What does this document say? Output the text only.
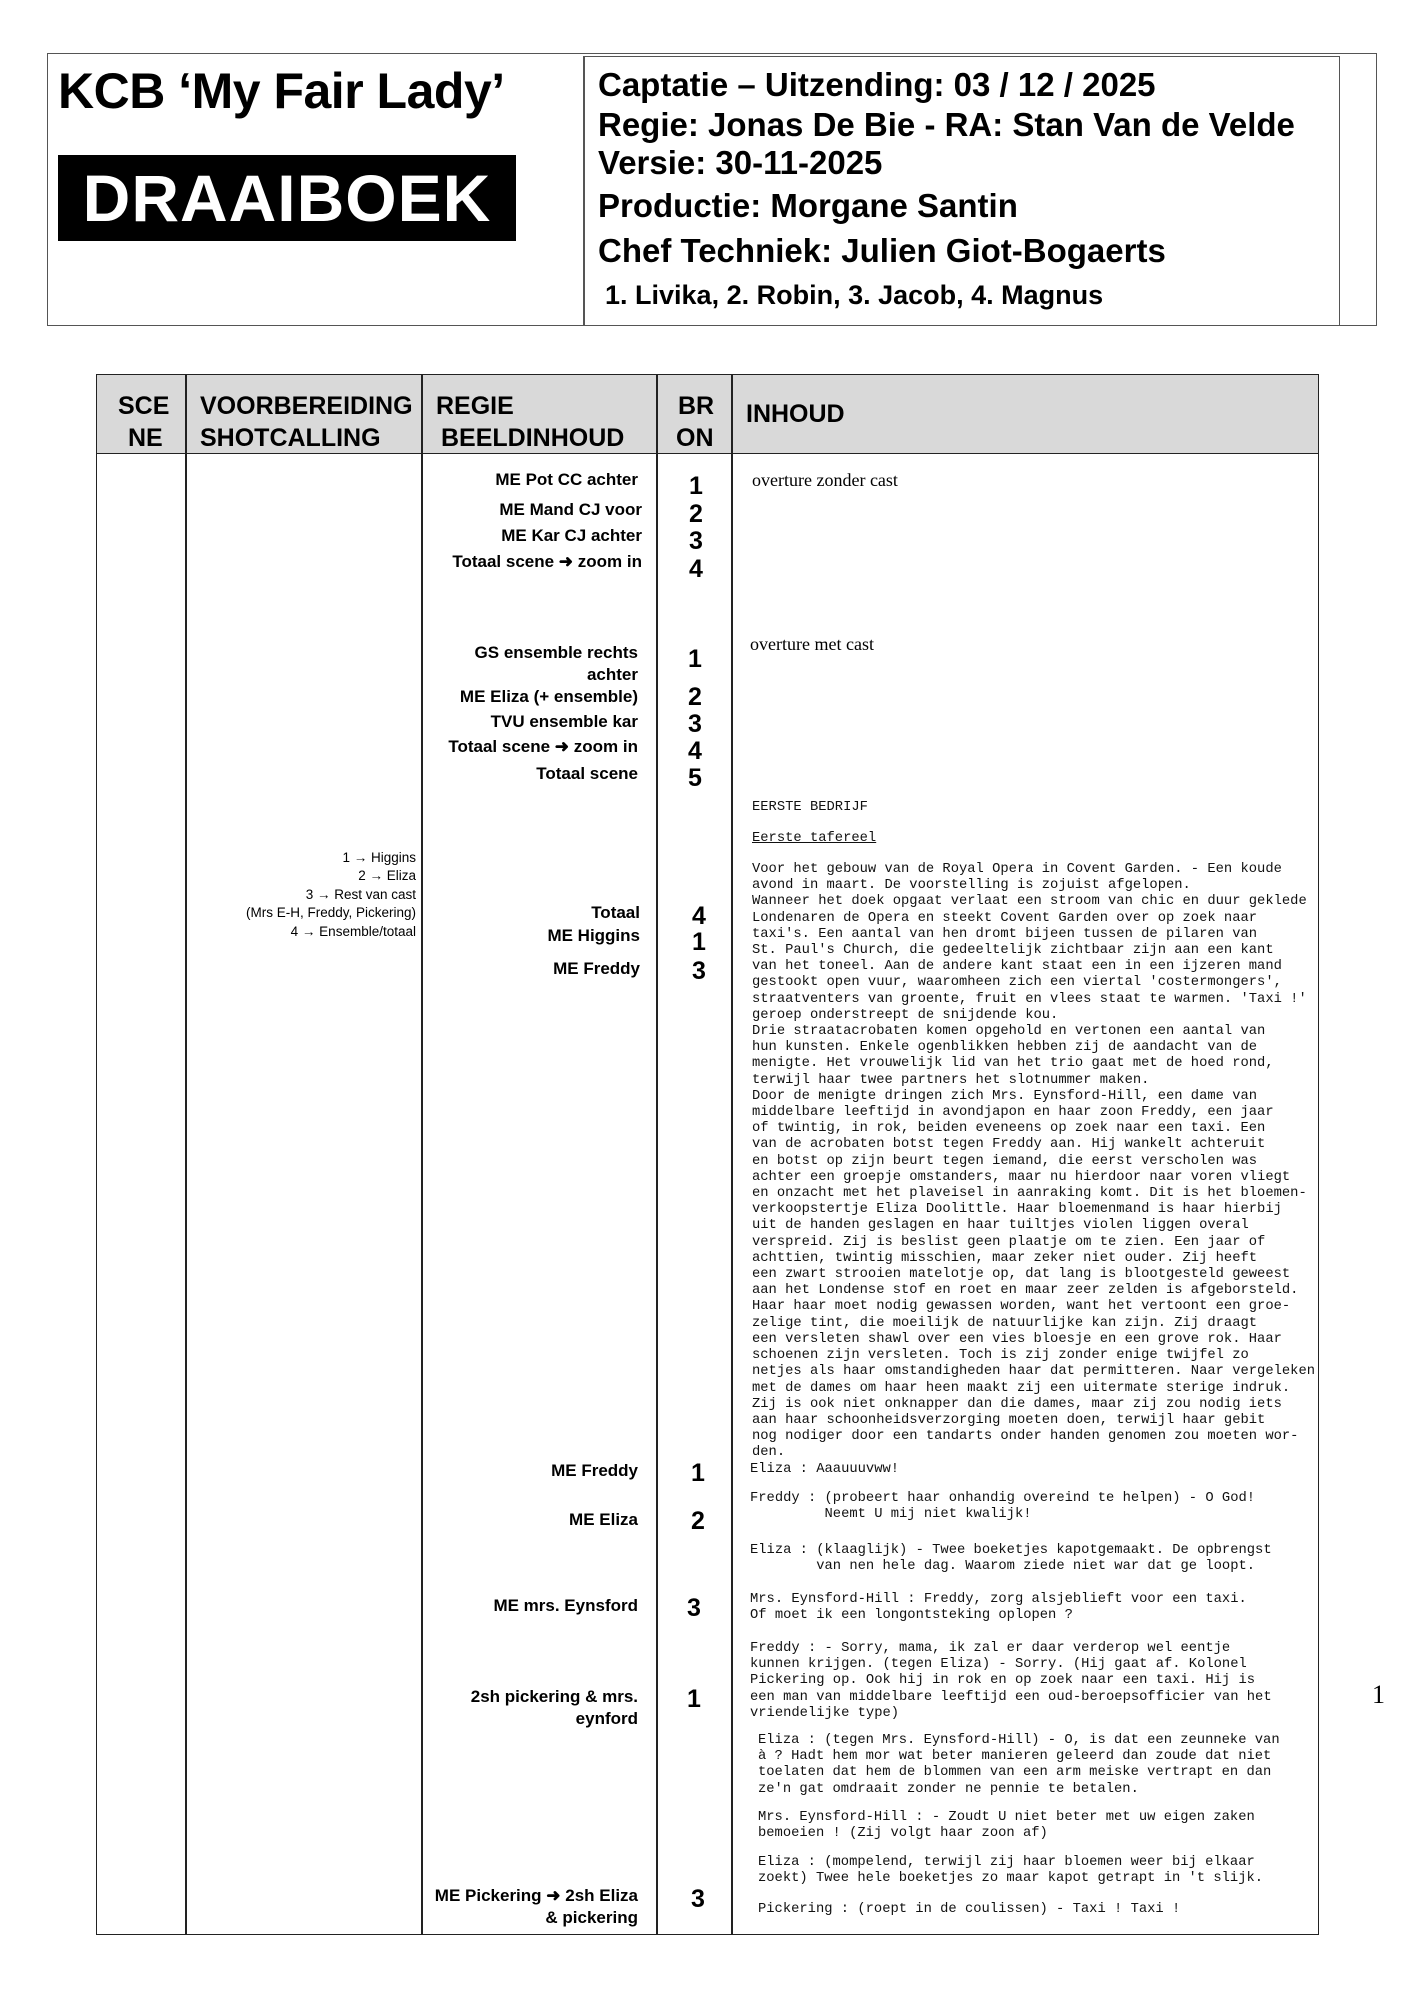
KCB ‘My Fair Lady’
DRAAIBOEK
Captatie – Uitzending: 03 / 12 / 2025
Regie: Jonas De Bie - RA: Stan Van de Velde
Versie: 30-11-2025
Productie: Morgane Santin
Chef Techniek: Julien Giot-Bogaerts
1. Livika, 2. Robin, 3. Jacob, 4. Magnus
SCE
NE
VOORBEREIDING
SHOTCALLING
REGIE
BEELDINHOUD
BR
ON
INHOUD
ME Pot CC achter
ME Mand CJ voor
ME Kar CJ achter
Totaal scene ➜ zoom in
1
2
3
4
overture zonder cast
GS ensemble rechts
achter
ME Eliza (+ ensemble)
TVU ensemble kar
Totaal scene ➜ zoom in
Totaal scene
1
2
3
4
5
overture met cast
1 → Higgins
2 → Eliza
3 → Rest van cast
(Mrs E-H, Freddy, Pickering)
4 → Ensemble/totaal
Totaal
ME Higgins
ME Freddy
4
1
3
EERSTE BEDRIJF
Eerste tafereel
Voor het gebouw van de Royal Opera in Covent Garden. - Een koude
avond in maart. De voorstelling is zojuist afgelopen.
Wanneer het doek opgaat verlaat een stroom van chic en duur geklede
Londenaren de Opera en steekt Covent Garden over op zoek naar
taxi's. Een aantal van hen dromt bijeen tussen de pilaren van
St. Paul's Church, die gedeeltelijk zichtbaar zijn aan een kant
van het toneel. Aan de andere kant staat een in een ijzeren mand
gestookt open vuur, waaromheen zich een viertal 'costermongers',
straatventers van groente, fruit en vlees staat te warmen. 'Taxi !'
geroep onderstreept de snijdende kou.
Drie straatacrobaten komen opgehold en vertonen een aantal van
hun kunsten. Enkele ogenblikken hebben zij de aandacht van de
menigte. Het vrouwelijk lid van het trio gaat met de hoed rond,
terwijl haar twee partners het slotnummer maken.
Door de menigte dringen zich Mrs. Eynsford-Hill, een dame van
middelbare leeftijd in avondjapon en haar zoon Freddy, een jaar
of twintig, in rok, beiden eveneens op zoek naar een taxi. Een
van de acrobaten botst tegen Freddy aan. Hij wankelt achteruit
en botst op zijn beurt tegen iemand, die eerst verscholen was
achter een groepje omstanders, maar nu hierdoor naar voren vliegt
en onzacht met het plaveisel in aanraking komt. Dit is het bloemen-
verkoopstertje Eliza Doolittle. Haar bloemenmand is haar hierbij
uit de handen geslagen en haar tuiltjes violen liggen overal
verspreid. Zij is beslist geen plaatje om te zien. Een jaar of
achttien, twintig misschien, maar zeker niet ouder. Zij heeft
een zwart strooien matelotje op, dat lang is blootgesteld geweest
aan het Londense stof en roet en maar zeer zelden is afgeborsteld.
Haar haar moet nodig gewassen worden, want het vertoont een groe-
zelige tint, die moeilijk de natuurlijke kan zijn. Zij draagt
een versleten shawl over een vies bloesje en een grove rok. Haar
schoenen zijn versleten. Toch is zij zonder enige twijfel zo
netjes als haar omstandigheden haar dat permitteren. Naar vergeleken
met de dames om haar heen maakt zij een uitermate sterige indruk.
Zij is ook niet onknapper dan die dames, maar zij zou nodig iets
aan haar schoonheidsverzorging moeten doen, terwijl haar gebit
nog nodiger door een tandarts onder handen genomen zou moeten wor-
den.
Eliza : Aaauuuvww!
Freddy : (probeert haar onhandig overeind te helpen) - O God!
Neemt U mij niet kwalijk!
Eliza : (klaaglijk) - Twee boeketjes kapotgemaakt. De opbrengst
van nen hele dag. Waarom ziede niet war dat ge loopt.
Mrs. Eynsford-Hill : Freddy, zorg alsjeblieft voor een taxi.
Of moet ik een longontsteking oplopen ?
Freddy : - Sorry, mama, ik zal er daar verderop wel eentje
kunnen krijgen. (tegen Eliza) - Sorry. (Hij gaat af. Kolonel
Pickering op. Ook hij in rok en op zoek naar een taxi. Hij is
een man van middelbare leeftijd een oud-beroepsofficier van het
vriendelijke type)
Eliza : (tegen Mrs. Eynsford-Hill) - O, is dat een zeunneke van
à ? Hadt hem mor wat beter manieren geleerd dan zoude dat niet
toelaten dat hem de blommen van een arm meiske vertrapt en dan
ze'n gat omdraait zonder ne pennie te betalen.
Mrs. Eynsford-Hill : - Zoudt U niet beter met uw eigen zaken
bemoeien ! (Zij volgt haar zoon af)
Eliza : (mompelend, terwijl zij haar bloemen weer bij elkaar
zoekt) Twee hele boeketjes zo maar kapot getrapt in 't slijk.
Pickering : (roept in de coulissen) - Taxi ! Taxi !
ME Freddy
ME Eliza
ME mrs. Eynsford
2sh pickering & mrs.
eynford
ME Pickering ➜ 2sh Eliza
& pickering
1
2
3
1
3
1
